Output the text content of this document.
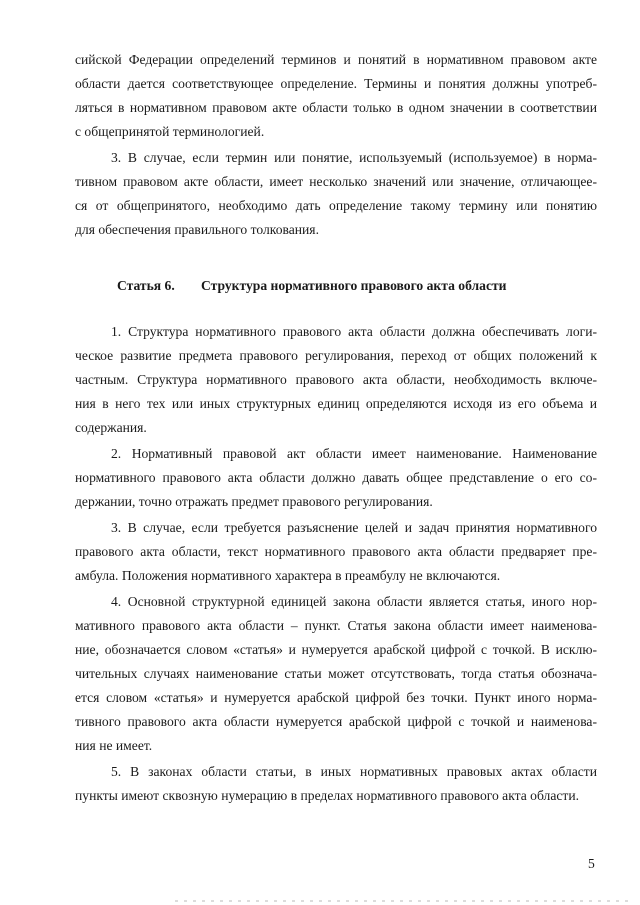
сийской Федерации определений терминов и понятий в нормативном правовом акте
области дается соответствующее определение. Термины и понятия должны употреб-
ляться в нормативном правовом акте области только в одном значении в соответствии
с общепринятой терминологией.
3. В случае, если термин или понятие, используемый (используемое) в норма-
тивном правовом акте области, имеет несколько значений или значение, отличающее-
ся от общепринятого, необходимо дать определение такому термину или понятию
для обеспечения правильного толкования.
Статья 6. Структура нормативного правового акта области
1. Структура нормативного правового акта области должна обеспечивать логи-
ческое развитие предмета правового регулирования, переход от общих положений к
частным. Структура нормативного правового акта области, необходимость включе-
ния в него тех или иных структурных единиц определяются исходя из его объема и
содержания.
2. Нормативный правовой акт области имеет наименование. Наименование
нормативного правового акта области должно давать общее представление о его со-
держании, точно отражать предмет правового регулирования.
3. В случае, если требуется разъяснение целей и задач принятия нормативного
правового акта области, текст нормативного правового акта области предваряет пре-
амбула. Положения нормативного характера в преамбулу не включаются.
4. Основной структурной единицей закона области является статья, иного нор-
мативного правового акта области – пункт. Статья закона области имеет наименова-
ние, обозначается словом «статья» и нумеруется арабской цифрой с точкой. В исклю-
чительных случаях наименование статьи может отсутствовать, тогда статья обознача-
ется словом «статья» и нумеруется арабской цифрой без точки. Пункт иного норма-
тивного правового акта области нумеруется арабской цифрой с точкой и наименова-
ния не имеет.
5. В законах области статьи, в иных нормативных правовых актах области
пункты имеют сквозную нумерацию в пределах нормативного правового акта области.
5
